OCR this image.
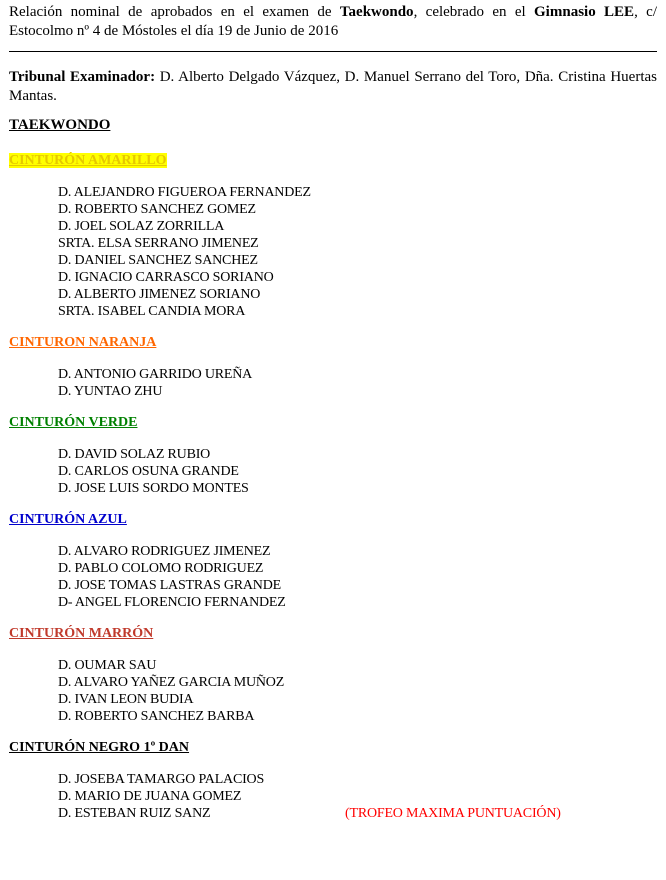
Relación nominal de aprobados en el examen de Taekwondo, celebrado en el Gimnasio LEE, c/ Estocolmo nº 4 de Móstoles el día 19 de Junio de 2016

Tribunal Examinador: D. Alberto Delgado Vázquez, D. Manuel Serrano del Toro, Dña. Cristina Huertas Mantas.

TAEKWONDO
CINTURÓN AMARILLO
D. ALEJANDRO FIGUEROA FERNANDEZ
D. ROBERTO SANCHEZ GOMEZ
D. JOEL SOLAZ ZORRILLA
SRTA. ELSA SERRANO JIMENEZ
D. DANIEL SANCHEZ SANCHEZ
D. IGNACIO CARRASCO SORIANO
D. ALBERTO JIMENEZ SORIANO
SRTA. ISABEL CANDIA MORA
CINTURON NARANJA
D. ANTONIO GARRIDO UREÑA
D. YUNTAO ZHU
CINTURÓN VERDE
D. DAVID SOLAZ RUBIO
D. CARLOS OSUNA GRANDE
D. JOSE LUIS SORDO MONTES
CINTURÓN AZUL
D. ALVARO RODRIGUEZ JIMENEZ
D. PABLO COLOMO RODRIGUEZ
D. JOSE TOMAS LASTRAS GRANDE
D- ANGEL FLORENCIO FERNANDEZ
CINTURÓN MARRÓN
D. OUMAR SAU
D. ALVARO YAÑEZ GARCIA MUÑOZ
D. IVAN LEON BUDIA
D. ROBERTO SANCHEZ BARBA
CINTURÓN NEGRO 1º DAN
D. JOSEBA TAMARGO PALACIOS
D. MARIO DE JUANA GOMEZ
D. ESTEBAN RUIZ SANZ	(TROFEO MAXIMA PUNTUACIÓN)
